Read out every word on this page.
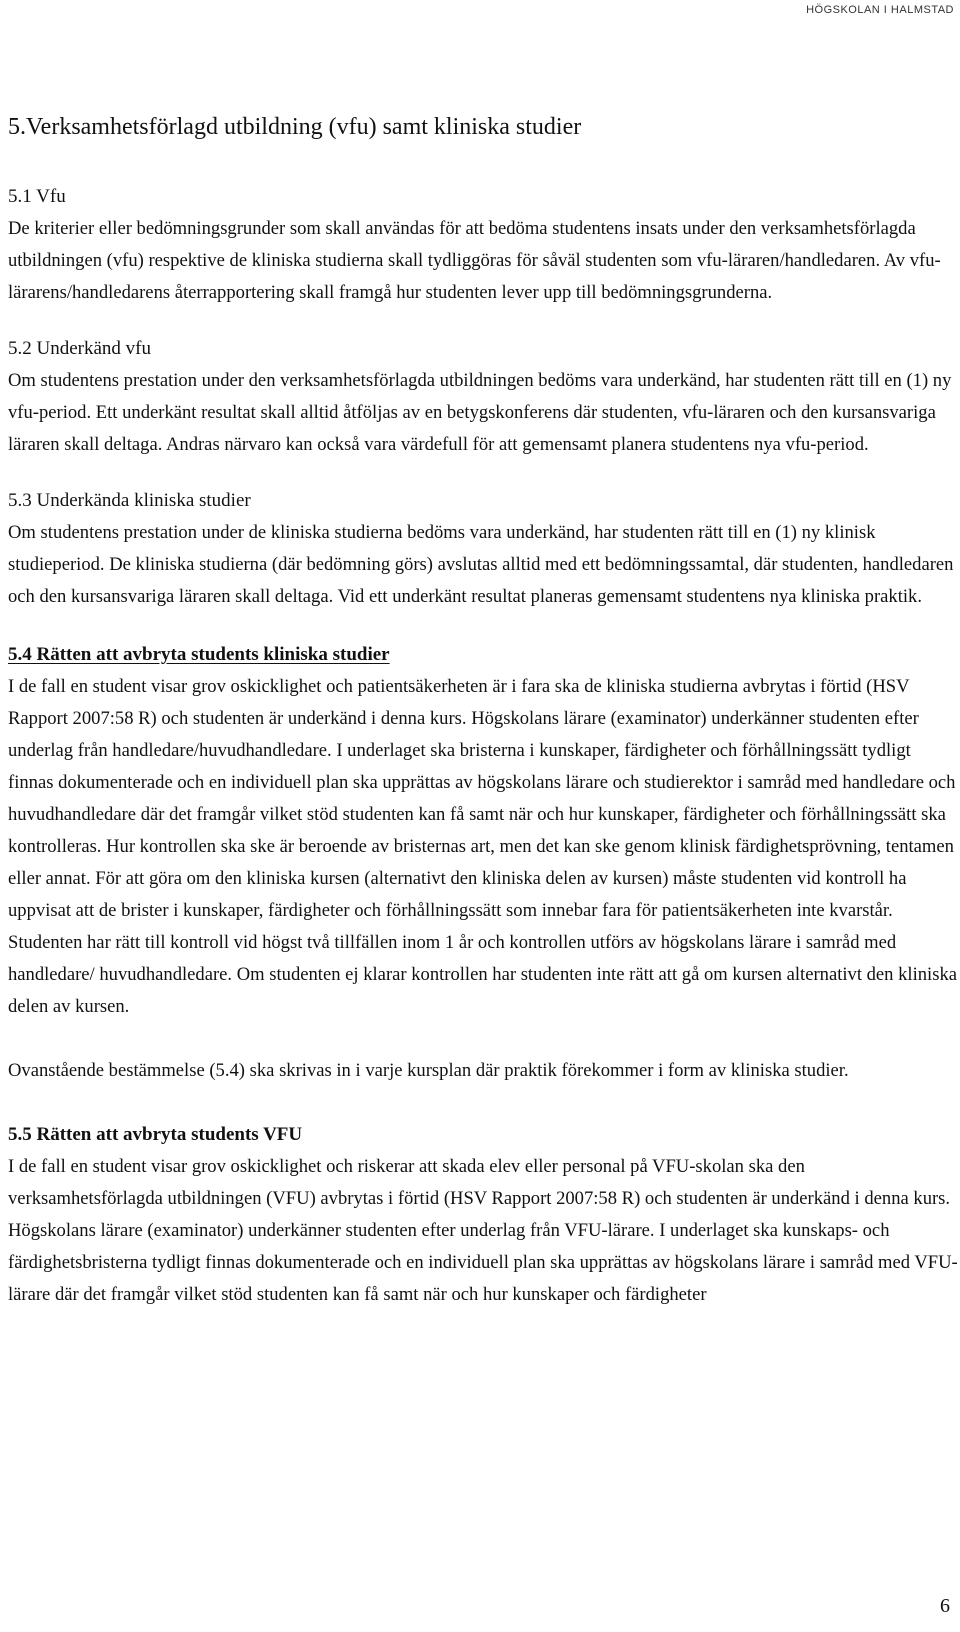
HÖGSKOLAN I HALMSTAD
5.Verksamhetsförlagd utbildning (vfu) samt kliniska studier
5.1 Vfu

De kriterier eller bedömningsgrunder som skall användas för att bedöma studentens insats under den verksamhetsförlagda utbildningen (vfu) respektive de kliniska studierna skall tydliggöras för såväl studenten som vfu-läraren/handledaren. Av vfu-lärarens/handledarens återrapportering skall framgå hur studenten lever upp till bedömningsgrunderna.

5.2 Underkänd vfu

Om studentens prestation under den verksamhetsförlagda utbildningen bedöms vara underkänd, har studenten rätt till en (1) ny vfu-period. Ett underkänt resultat skall alltid åtföljas av en betygskonferens där studenten, vfu-läraren och den kursansvariga läraren skall deltaga. Andras närvaro kan också vara värdefull för att gemensamt planera studentens nya vfu-period.

5.3 Underkända kliniska studier

Om studentens prestation under de kliniska studierna bedöms vara underkänd, har studenten rätt till en (1) ny klinisk studieperiod. De kliniska studierna (där bedömning görs) avslutas alltid med ett bedömningssamtal, där studenten, handledaren och den kursansvariga läraren skall deltaga. Vid ett underkänt resultat planeras gemensamt studentens nya kliniska praktik.

5.4 Rätten att avbryta students kliniska studier

I de fall en student visar grov oskicklighet och patientsäkerheten är i fara ska de kliniska studierna avbrytas i förtid (HSV Rapport 2007:58 R) och studenten är underkänd i denna kurs. Högskolans lärare (examinator) underkänner studenten efter underlag från handledare/huvudhandledare. I underlaget ska bristerna i kunskaper, färdigheter och förhållningssätt tydligt finnas dokumenterade och en individuell plan ska upprättas av högskolans lärare och studierektor i samråd med handledare och huvudhandledare där det framgår vilket stöd studenten kan få samt när och hur kunskaper, färdigheter och förhållningssätt ska kontrolleras. Hur kontrollen ska ske är beroende av bristernas art, men det kan ske genom klinisk färdighetsprövning, tentamen eller annat. För att göra om den kliniska kursen (alternativt den kliniska delen av kursen) måste studenten vid kontroll ha uppvisat att de brister i kunskaper, färdigheter och förhållningssätt som innebar fara för patientsäkerheten inte kvarstår. Studenten har rätt till kontroll vid högst två tillfällen inom 1 år och kontrollen utförs av högskolans lärare i samråd med handledare/ huvudhandledare. Om studenten ej klarar kontrollen har studenten inte rätt att gå om kursen alternativt den kliniska delen av kursen.

Ovanstående bestämmelse (5.4) ska skrivas in i varje kursplan där praktik förekommer i form av kliniska studier.

5.5 Rätten att avbryta students VFU

I de fall en student visar grov oskicklighet och riskerar att skada elev eller personal på VFU-skolan ska den verksamhetsförlagda utbildningen (VFU) avbrytas i förtid (HSV Rapport 2007:58 R) och studenten är underkänd i denna kurs. Högskolans lärare (examinator) underkänner studenten efter underlag från VFU-lärare. I underlaget ska kunskaps- och färdighetsbristerna tydligt finnas dokumenterade och en individuell plan ska upprättas av högskolans lärare i samråd med VFU-lärare där det framgår vilket stöd studenten kan få samt när och hur kunskaper och färdigheter

6
